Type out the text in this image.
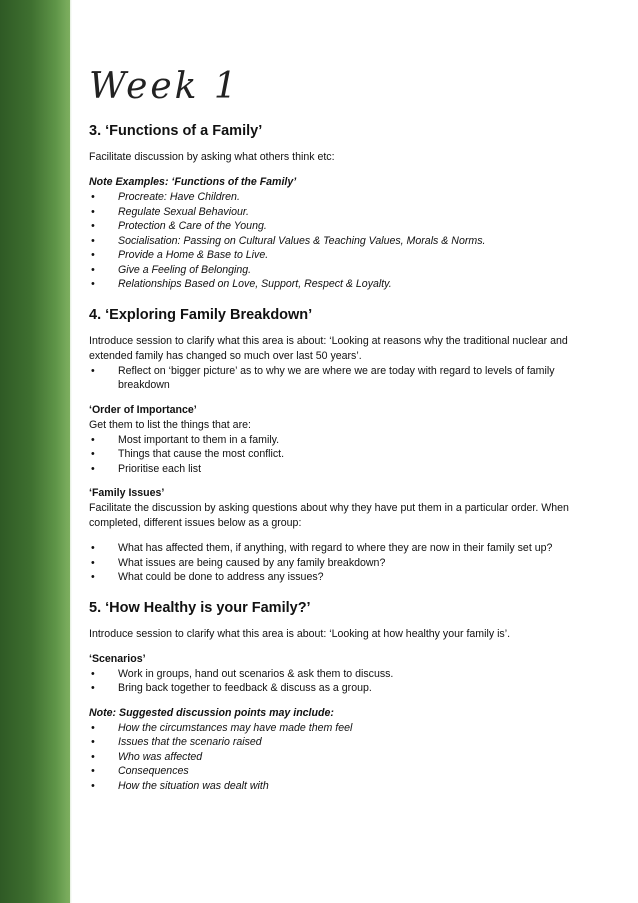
Week 1
3. ‘Functions of a Family’

Facilitate discussion by asking what others think etc:

Note Examples: ‘Functions of the Family’

• Procreate: Have Children.
• Regulate Sexual Behaviour.
• Protection & Care of the Young.
• Socialisation: Passing on Cultural Values & Teaching Values, Morals & Norms.
• Provide a Home & Base to Live.
• Give a Feeling of Belonging.
• Relationships Based on Love, Support, Respect & Loyalty.
4. ‘Exploring Family Breakdown’

Introduce session to clarify what this area is about: ‘Looking at reasons why the traditional nuclear and extended family has changed so much over last 50 years’.

• Reflect on ‘bigger picture’ as to why we are where we are today with regard to levels of family breakdown

‘Order of Importance’

Get them to list the things that are:

• Most important to them in a family.
• Things that cause the most conflict.
• Prioritise each list

‘Family Issues’

Facilitate the discussion by asking questions about why they have put them in a particular order. When completed, different issues below as a group:

• What has affected them, if anything, with regard to where they are now in their family set up?
• What issues are being caused by any family breakdown?
• What could be done to address any issues?
5. ‘How Healthy is your Family?’

Introduce session to clarify what this area is about: ‘Looking at how healthy your family is’.

‘Scenarios’

• Work in groups, hand out scenarios & ask them to discuss.
• Bring back together to feedback & discuss as a group.

Note: Suggested discussion points may include:

• How the circumstances may have made them feel
• Issues that the scenario raised
• Who was affected
• Consequences
• How the situation was dealt with
